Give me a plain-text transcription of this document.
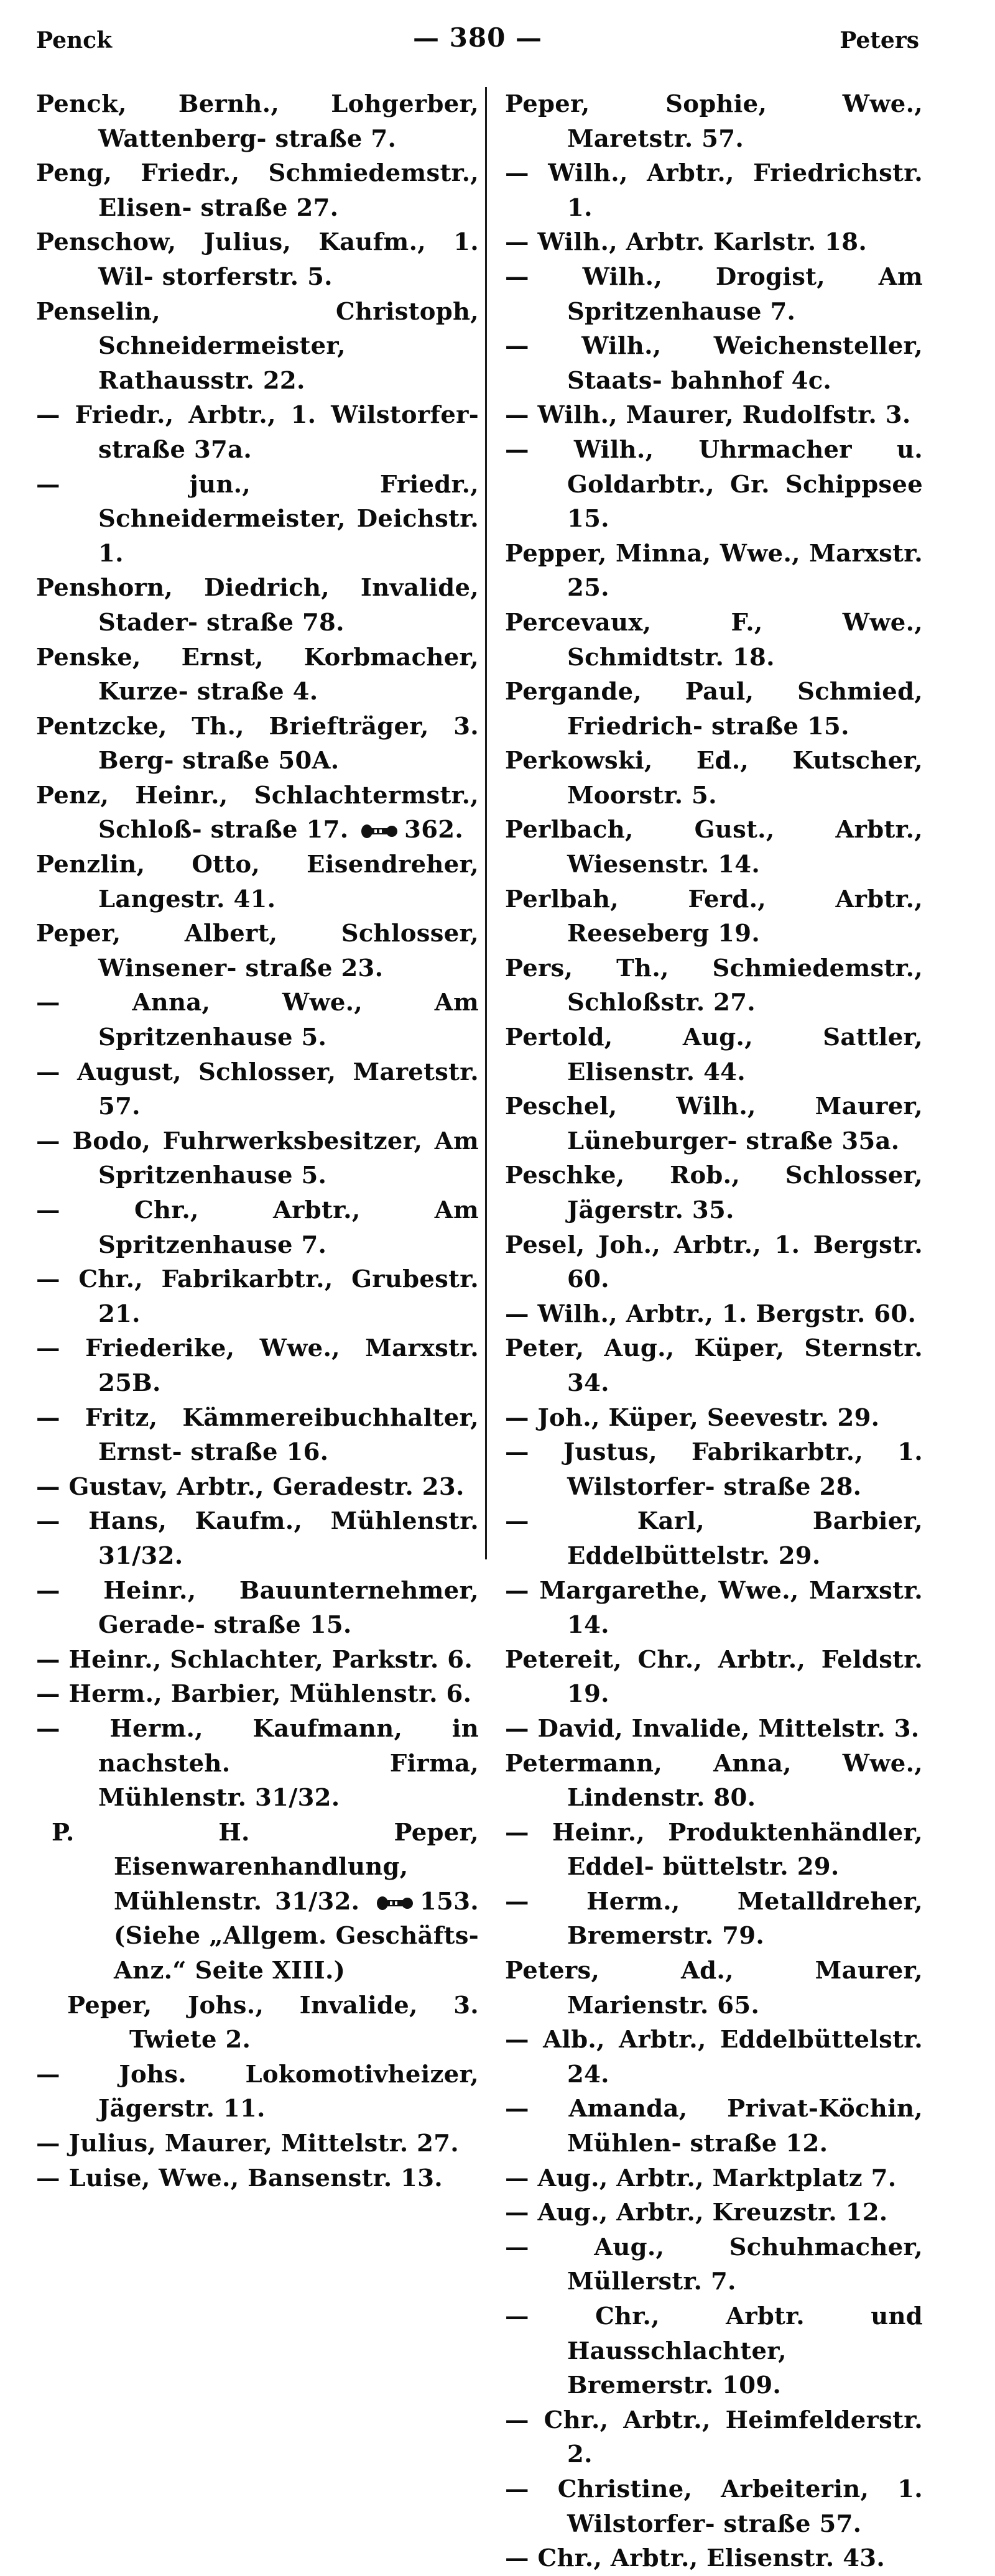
Penck	— 380 —	Peters
Penck, Bernh., Lohgerber, Wattenberg- straße 7.
Peng, Friedr., Schmiedemstr., Elisen- straße 27.
Penschow, Julius, Kaufm., 1. Wil- storferstr. 5.
Penselin, Christoph, Schneidermeister, Rathausstr. 22.
— Friedr., Arbtr., 1. Wilstorfer- straße 37a.
— jun., Friedr., Schneidermeister, Deichstr. 1.
Penshorn, Diedrich, Invalide, Stader- straße 78.
Penske, Ernst, Korbmacher, Kurze- straße 4.
Pentzcke, Th., Briefträger, 3. Berg- straße 50A.
Penz, Heinr., Schlachtermstr., Schloß- straße 17. 362.
Penzlin, Otto, Eisendreher, Langestr. 41.
Peper, Albert, Schlosser, Winsener- straße 23.
— Anna, Wwe., Am Spritzenhause 5.
— August, Schlosser, Maretstr. 57.
— Bodo, Fuhrwerksbesitzer, Am Spritzenhause 5.
— Chr., Arbtr., Am Spritzenhause 7.
— Chr., Fabrikarbtr., Grubestr. 21.
— Friederike, Wwe., Marxstr. 25B.
— Fritz, Kämmereibuchhalter, Ernst- straße 16.
— Gustav, Arbtr., Geradestr. 23.
— Hans, Kaufm., Mühlenstr. 31/32.
— Heinr., Bauunternehmer, Gerade- straße 15.
— Heinr., Schlachter, Parkstr. 6.
— Herm., Barbier, Mühlenstr. 6.
— Herm., Kaufmann, in nachsteh. Firma, Mühlenstr. 31/32.
P. H. Peper, Eisenwarenhandlung, Mühlenstr. 31/32.	153. (Siehe „Allgem. Geschäfts-Anz.“ Seite XIII.)
Peper, Johs., Invalide, 3. Twiete 2.
— Johs. Lokomotivheizer, Jägerstr. 11.
— Julius, Maurer, Mittelstr. 27.
— Luise, Wwe., Bansenstr. 13.
Peper, Sophie, Wwe., Maretstr. 57.
— Wilh., Arbtr., Friedrichstr. 1.
— Wilh., Arbtr. Karlstr. 18.
— Wilh., Drogist, Am Spritzenhause 7.
— Wilh., Weichensteller, Staats- bahnhof 4c.
— Wilh., Maurer, Rudolfstr. 3.
— Wilh., Uhrmacher u. Goldarbtr., Gr. Schippsee 15.
Pepper, Minna, Wwe., Marxstr. 25.
Percevaux, F., Wwe., Schmidtstr. 18.
Pergande, Paul, Schmied, Friedrich- straße 15.
Perkowski, Ed., Kutscher, Moorstr. 5.
Perlbach, Gust., Arbtr., Wiesenstr. 14.
Perlbah, Ferd., Arbtr., Reeseberg 19.
Pers, Th., Schmiedemstr., Schloßstr. 27.
Pertold, Aug., Sattler, Elisenstr. 44.
Peschel, Wilh., Maurer, Lüneburger- straße 35a.
Peschke, Rob., Schlosser, Jägerstr. 35.
Pesel, Joh., Arbtr., 1. Bergstr. 60.
— Wilh., Arbtr., 1. Bergstr. 60.
Peter, Aug., Küper, Sternstr. 34.
— Joh., Küper, Seevestr. 29.
— Justus, Fabrikarbtr., 1. Wilstorfer- straße 28.
— Karl, Barbier, Eddelbüttelstr. 29.
— Margarethe, Wwe., Marxstr. 14.
Petereit, Chr., Arbtr., Feldstr. 19.
— David, Invalide, Mittelstr. 3.
Petermann, Anna, Wwe., Lindenstr. 80.
— Heinr., Produktenhändler, Eddel- büttelstr. 29.
— Herm., Metalldreher, Bremerstr. 79.
Peters, Ad., Maurer, Marienstr. 65.
— Alb., Arbtr., Eddelbüttelstr. 24.
— Amanda, Privat-Köchin, Mühlen- straße 12.
— Aug., Arbtr., Marktplatz 7.
— Aug., Arbtr., Kreuzstr. 12.
— Aug., Schuhmacher, Müllerstr. 7.
— Chr., Arbtr. und Hausschlachter, Bremerstr. 109.
— Chr., Arbtr., Heimfelderstr. 2.
— Christine, Arbeiterin, 1. Wilstorfer- straße 57.
— Chr., Arbtr., Elisenstr. 43.
